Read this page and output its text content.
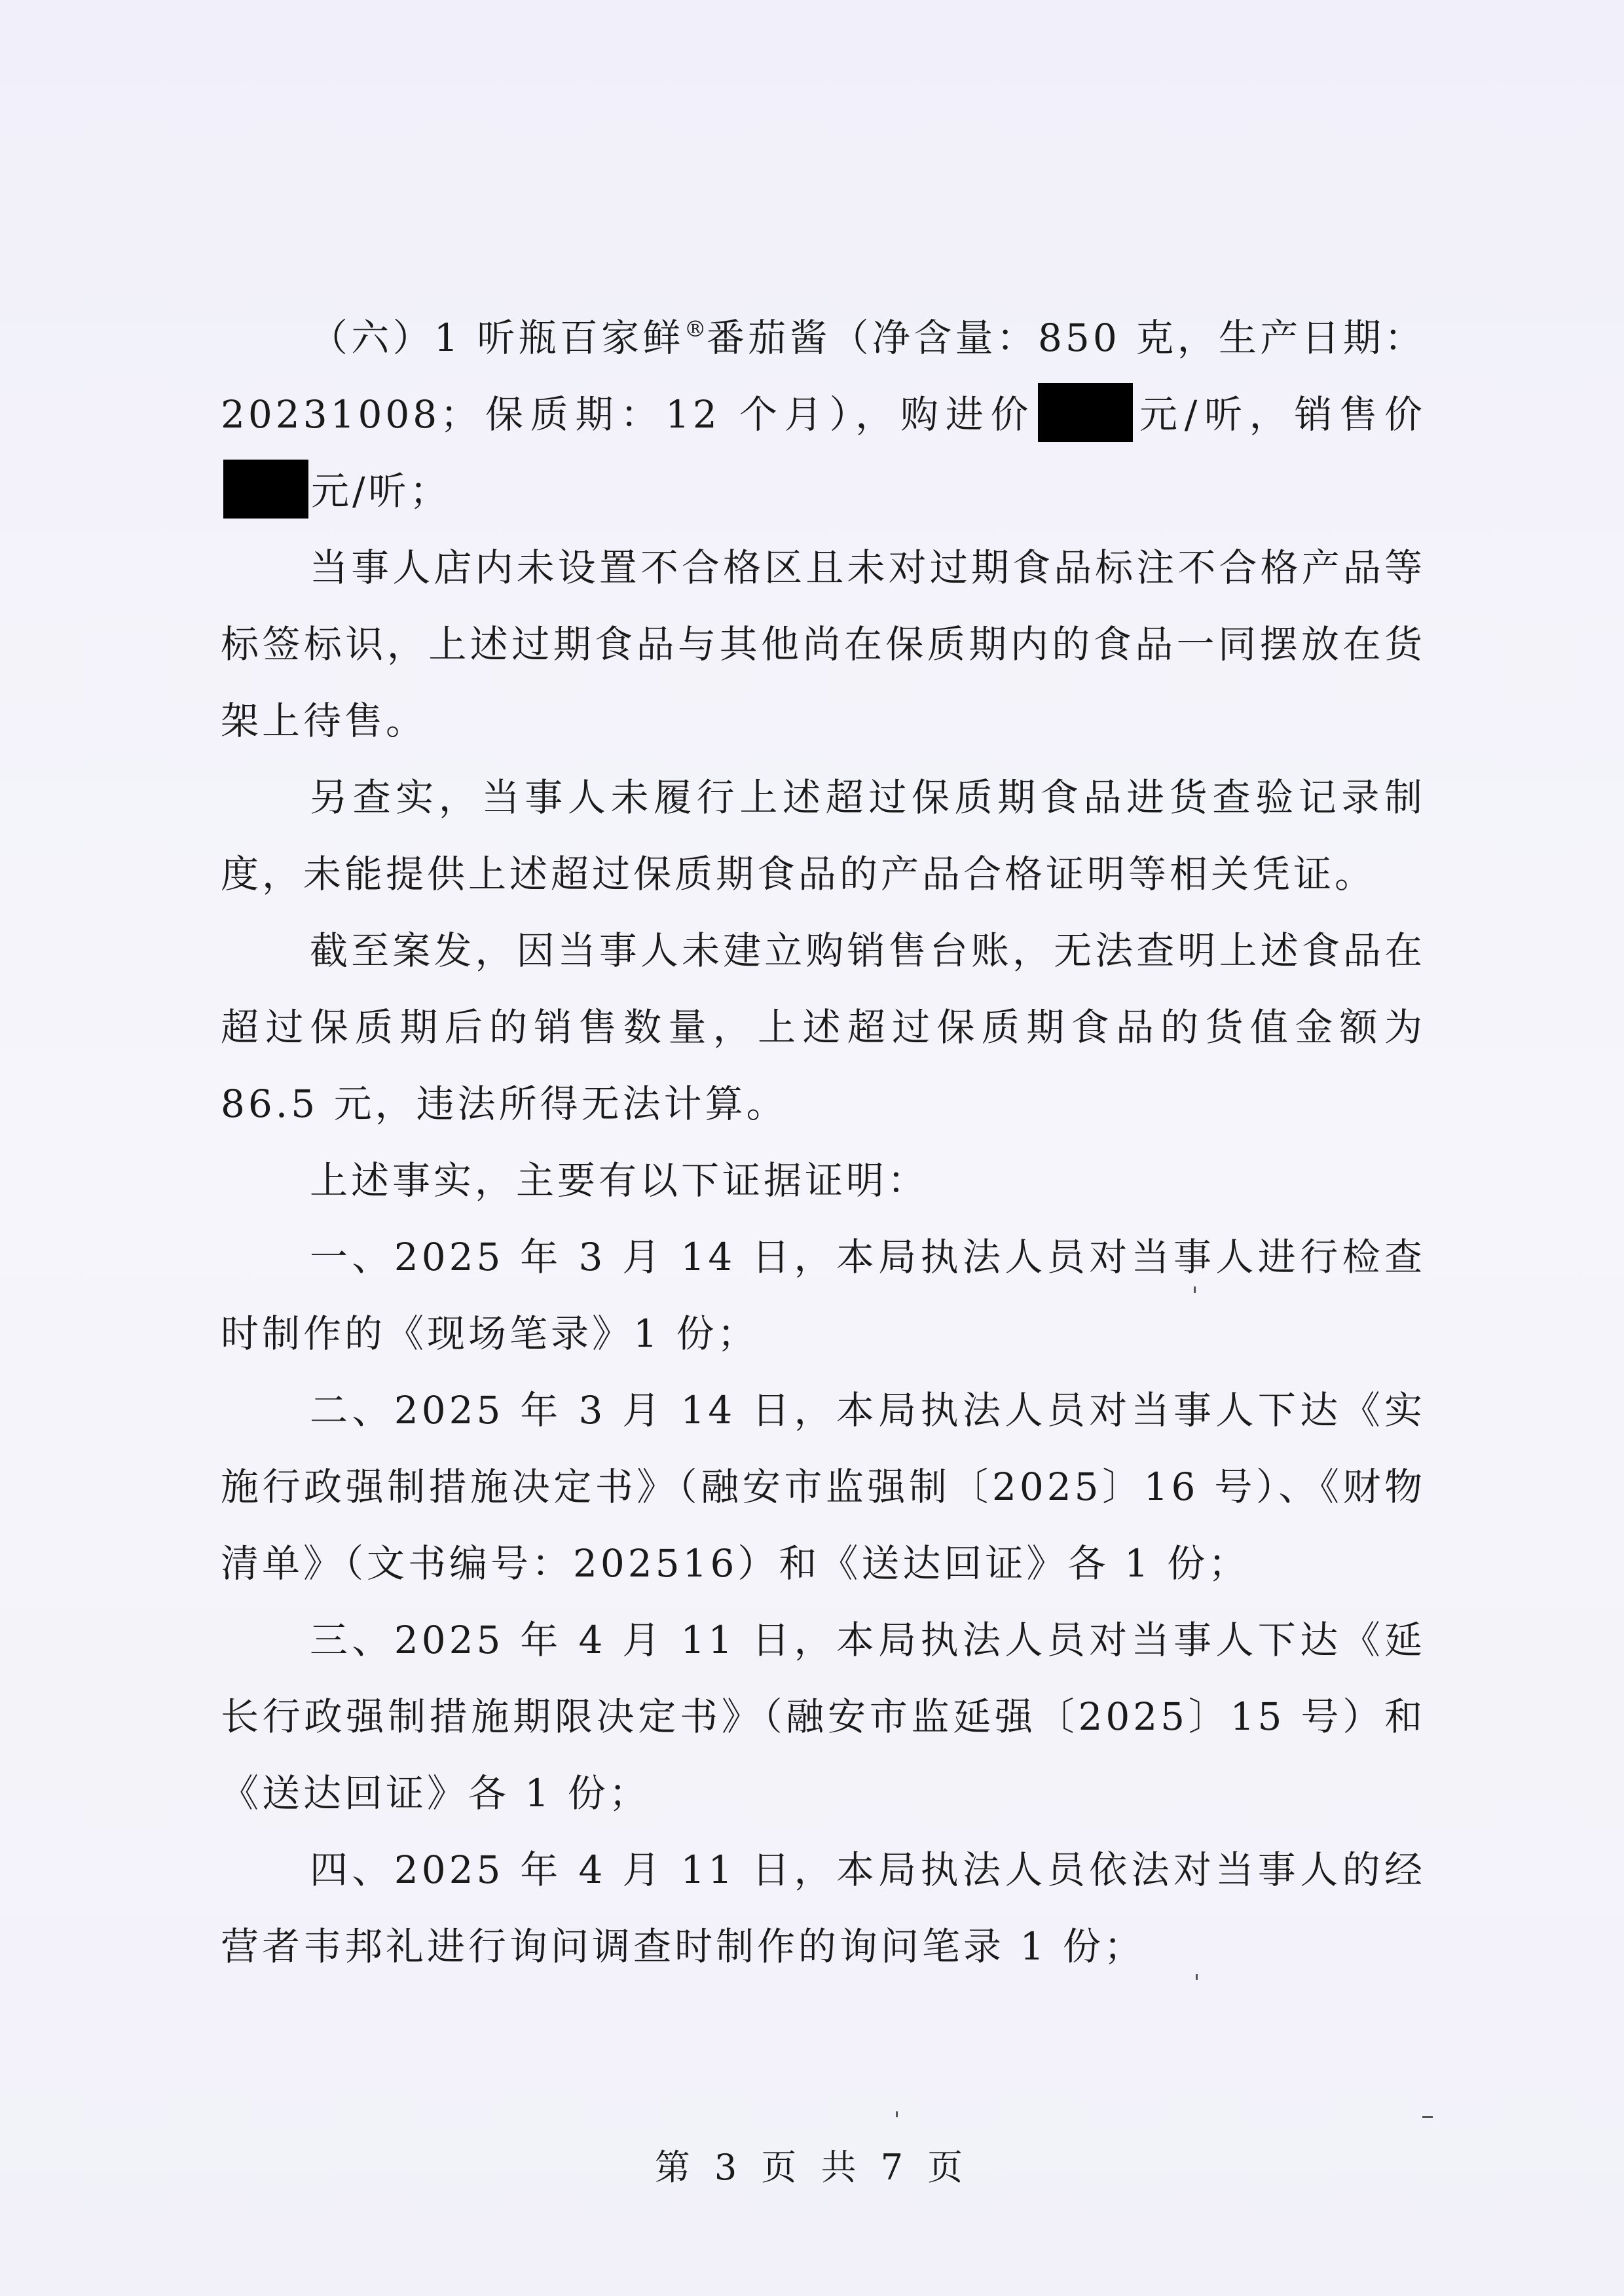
（六）1 听瓶百家鲜®番茄酱（净含量：850 克，生产日期：20231008；保质期：12 个月），购进价	元/听，销售价元/听；

当事人店内未设置不合格区且未对过期食品标注不合格产品等标签标识，上述过期食品与其他尚在保质期内的食品一同摆放在货架上待售。

另查实，当事人未履行上述超过保质期食品进货查验记录制度，未能提供上述超过保质期食品的产品合格证明等相关凭证。

截至案发，因当事人未建立购销售台账，无法查明上述食品在超过保质期后的销售数量，上述超过保质期食品的货值金额为 86.5 元，违法所得无法计算。

上述事实，主要有以下证据证明：

一、2025 年 3 月 14 日，本局执法人员对当事人进行检查时制作的《现场笔录》1 份；

二、2025 年 3 月 14 日，本局执法人员对当事人下达《实施行政强制措施决定书》（融安市监强制〔2025〕16 号）、《财物清单》（文书编号：202516）和《送达回证》各 1 份；

三、2025 年 4 月 11 日，本局执法人员对当事人下达《延长行政强制措施期限决定书》（融安市监延强〔2025〕15 号）和《送达回证》各 1 份；

四、2025 年 4 月 11 日，本局执法人员依法对当事人的经营者韦邦礼进行询问调查时制作的询问笔录 1 份；

第 3 页 共 7 页
